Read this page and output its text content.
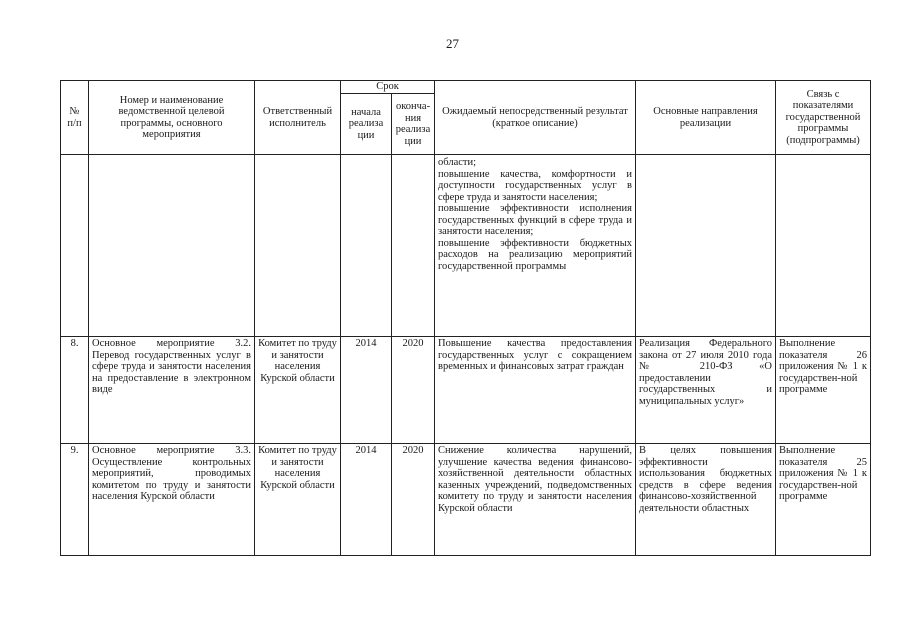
27
№ п/п	Номер и наименование ведомственной целевой программы, основного мероприятия	Ответственный исполнитель	Срок		Ожидаемый непосредственный результат (краткое описание)	Основные направления реализации	Связь с показателями государственной программы (подпрограммы)
			начала реализа ции	оконча-ния реализа ции			
					области;
повышение качества, комфортности и доступности государственных услуг в сфере труда и занятости населения;
повышение эффективности исполнения государственных функций в сфере труда и занятости населения;
повышение эффективности бюджетных расходов на реализацию мероприятий государственной программы		
8.	Основное мероприятие 3.2. Перевод государственных услуг в сфере труда и занятости населения на предоставление в электронном виде	Комитет по труду и занятости населения Курской области	2014	2020	Повышение качества предоставления государственных услуг с сокращением временных и финансовых затрат граждан	Реализация Федерального закона от 27 июля 2010 года № 210-ФЗ «О предоставлении государственных и муниципальных услуг»	Выполнение показателя 26 приложения № 1 к государствен-ной программе
9.	Основное мероприятие 3.3. Осуществление контрольных мероприятий, проводимых комитетом по труду и занятости населения Курской области	Комитет по труду и занятости населения Курской области	2014	2020	Снижение количества нарушений, улучшение качества ведения финансово-хозяйственной деятельности областных казенных учреждений, подведомственных комитету по труду и занятости населения Курской области	В целях повышения эффективности использования бюджетных средств в сфере ведения финансово-хозяйственной деятельности областных	Выполнение показателя 25 приложения № 1 к государствен-ной программе
